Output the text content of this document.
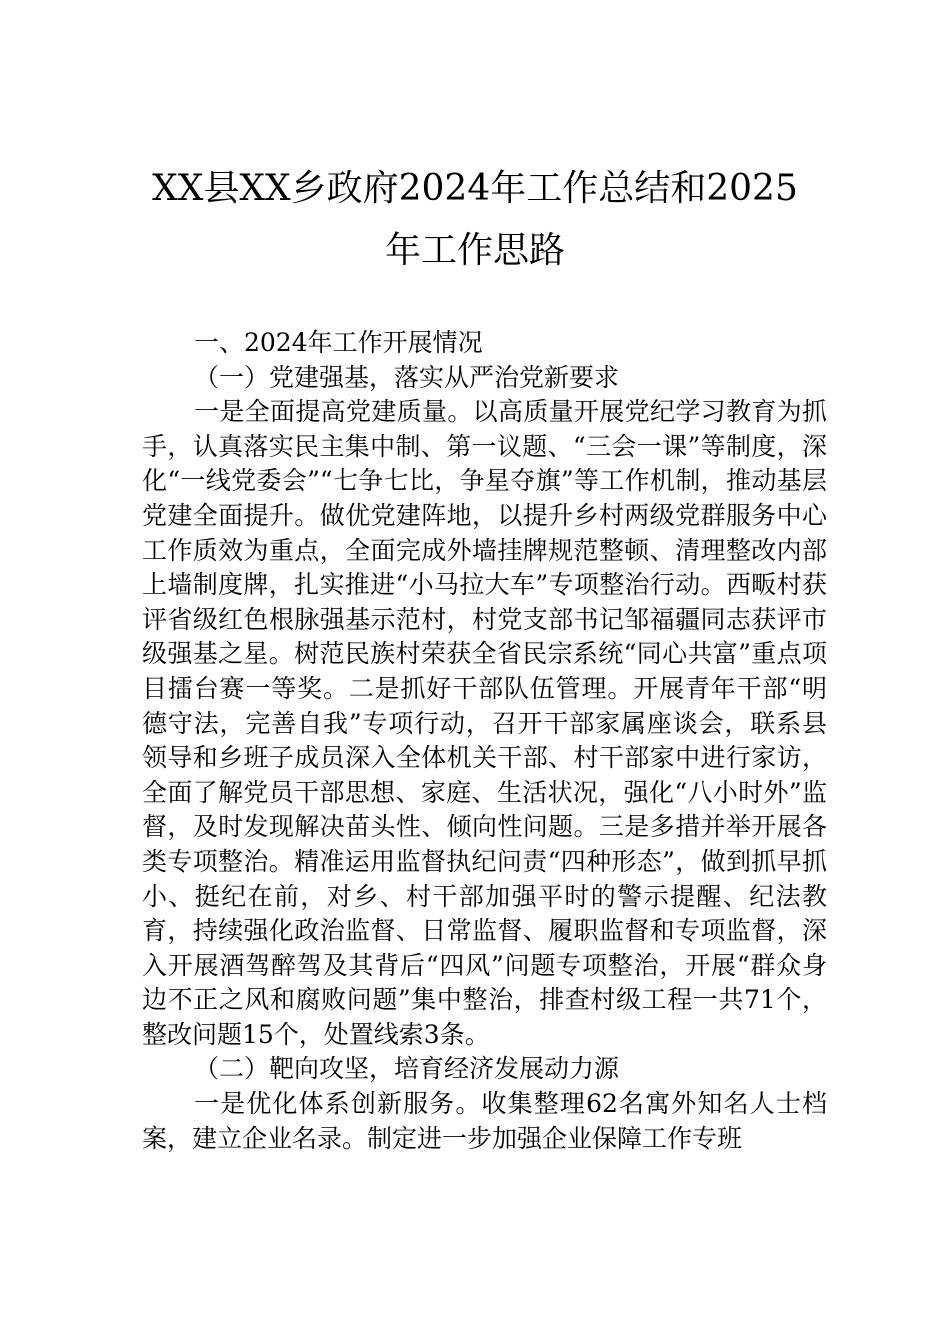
XX县XX乡政府2024年工作总结和2025
年工作思路

一、2024年工作开展情况

（一）党建强基，落实从严治党新要求

一是全面提高党建质量。以高质量开展党纪学习教育为抓手，认真落实民主集中制、第一议题、“三会一课”等制度，深化“一线党委会”“七争七比，争星夺旗”等工作机制，推动基层党建全面提升。做优党建阵地，以提升乡村两级党群服务中心工作质效为重点，全面完成外墙挂牌规范整顿、清理整改内部上墙制度牌，扎实推进“小马拉大车”专项整治行动。西畈村获评省级红色根脉强基示范村，村党支部书记邹福疆同志获评市级强基之星。树范民族村荣获全省民宗系统“同心共富”重点项目擂台赛一等奖。二是抓好干部队伍管理。开展青年干部“明德守法，完善自我”专项行动，召开干部家属座谈会，联系县领导和乡班子成员深入全体机关干部、村干部家中进行家访，全面了解党员干部思想、家庭、生活状况，强化“八小时外”监督，及时发现解决苗头性、倾向性问题。三是多措并举开展各类专项整治。精准运用监督执纪问责“四种形态”，做到抓早抓小、挺纪在前，对乡、村干部加强平时的警示提醒、纪法教育，持续强化政治监督、日常监督、履职监督和专项监督，深入开展酒驾醉驾及其背后“四风”问题专项整治，开展“群众身边不正之风和腐败问题”集中整治，排查村级工程一共71个，整改问题15个，处置线索3条。

（二）靶向攻坚，培育经济发展动力源

一是优化体系创新服务。收集整理62名寓外知名人士档案，建立企业名录。制定进一步加强企业保障工作专班
